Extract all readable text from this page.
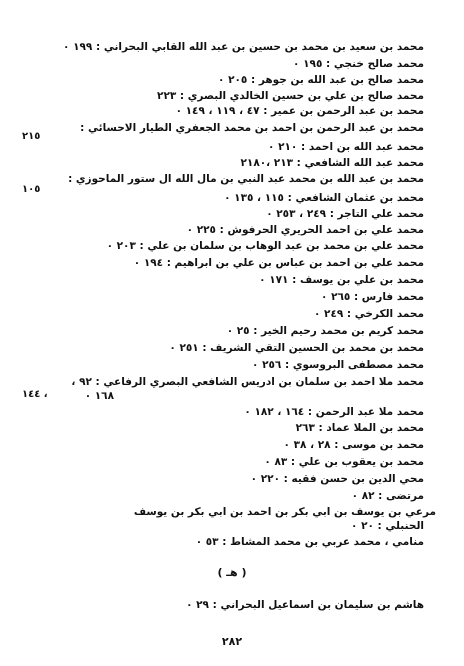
محمد بن سعيد بن محمد بن حسين بن عبد الله القابي البحراني : ١٩٩ ٠
محمد صالح خنجي : ١٩٥ ٠
محمد صالح بن عبد الله بن جوهر : ٢٠٥ ٠
محمد صالح بن علي بن حسين الخالدي البصري : ٢٢٣
محمد بن عبد الرحمن بن عمير : ٤٧ ، ١١٩ ، ١٤٩ ٠
محمد بن عبد الرحمن بن احمد بن محمد الجعفري الطيار الاحسائي :
٢١٥
محمد عبد الله بن احمد : ٢١٠ ٠
محمد عبد الله الشافعي : ٢١٣ ،٢١٨٠
محمد بن عبد الله بن محمد عبد النبي بن مال الله ال ستور الماحوزي :
١٠٥
محمد بن عثمان الشافعي : ١١٥ ، ١٣٥ ٠
محمد علي التاجر : ٢٤٩ ، ٢٥٣ ٠
محمد علي بن احمد الحريري الحرفوش : ٢٢٥ ٠
محمد علي بن محمد بن عبد الوهاب بن سلمان بن علي : ٢٠٣ ٠
محمد علي بن احمد بن عباس بن علي بن ابراهيم : ١٩٤ ٠
محمد بن علي بن يوسف : ١٧١ ٠
محمد فارس : ٢٦٥ ٠
محمد الكرخي : ٢٤٩ ٠
محمد كريم بن محمد رحيم الخير : ٢٥ ٠
محمد بن محمد بن الحسين التقي الشريف : ٢٥١ ٠
محمد مصطفى البروسوي : ٢٥٦ ٠
محمد ملا احمد بن سلمان بن ادريس الشافعي البصري الرفاعي : ٩٢ ،
١٤٤ ،	١٦٨ ٠
محمد ملا عبد الرحمن : ١٦٤ ، ١٨٢ ٠
محمد بن الملا عماد : ٢٦٣
محمد بن موسى : ٢٨ ، ٣٨ ٠
محمد بن يعقوب بن علي : ٨٣ ٠
محي الدين بن حسن فقيه : ٢٢٠ ٠
مرتضى : ٨٢ ٠
مرعي بن يوسف بن ابي بكر بن احمد بن ابي بكر بن يوسف
الحنبلي : ٢٠ ٠
منامي ، محمد عربي بن محمد المشاط : ٥٣ ٠
( هـ )
هاشم بن سليمان بن اسماعيل البحراني : ٢٩ ٠
٢٨٢
